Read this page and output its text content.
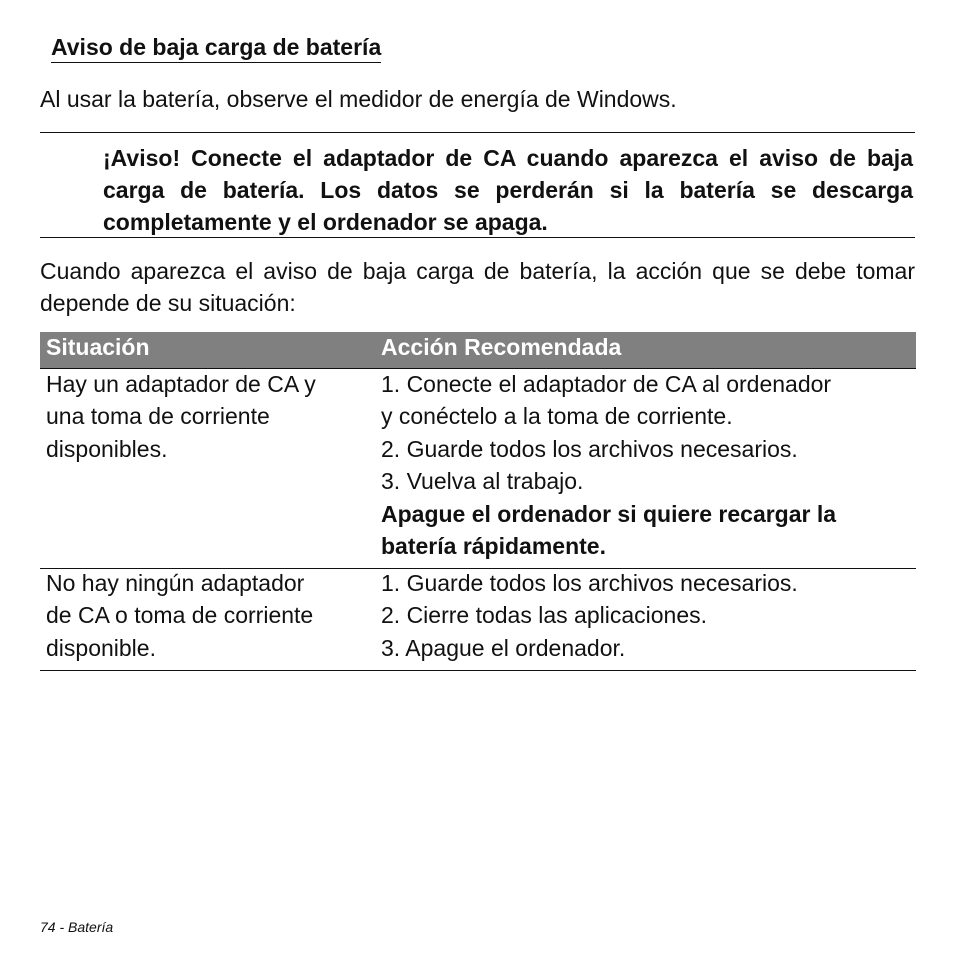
Aviso de baja carga de batería
Al usar la batería, observe el medidor de energía de Windows.
¡Aviso! Conecte el adaptador de CA cuando aparezca el aviso de baja carga de batería. Los datos se perderán si la batería se descarga completamente y el ordenador se apaga.
Cuando aparezca el aviso de baja carga de batería, la acción que se debe tomar depende de su situación:
Situación	Acción Recomendada
Hay un adaptador de CA y
una toma de corriente
disponibles.
1. Conecte el adaptador de CA al ordenador
y conéctelo a la toma de corriente.
2. Guarde todos los archivos necesarios.
3. Vuelva al trabajo.
Apague el ordenador si quiere recargar la
batería rápidamente.
No hay ningún adaptador
de CA o toma de corriente
disponible.
1. Guarde todos los archivos necesarios.
2. Cierre todas las aplicaciones.
3. Apague el ordenador.
74 - Batería
